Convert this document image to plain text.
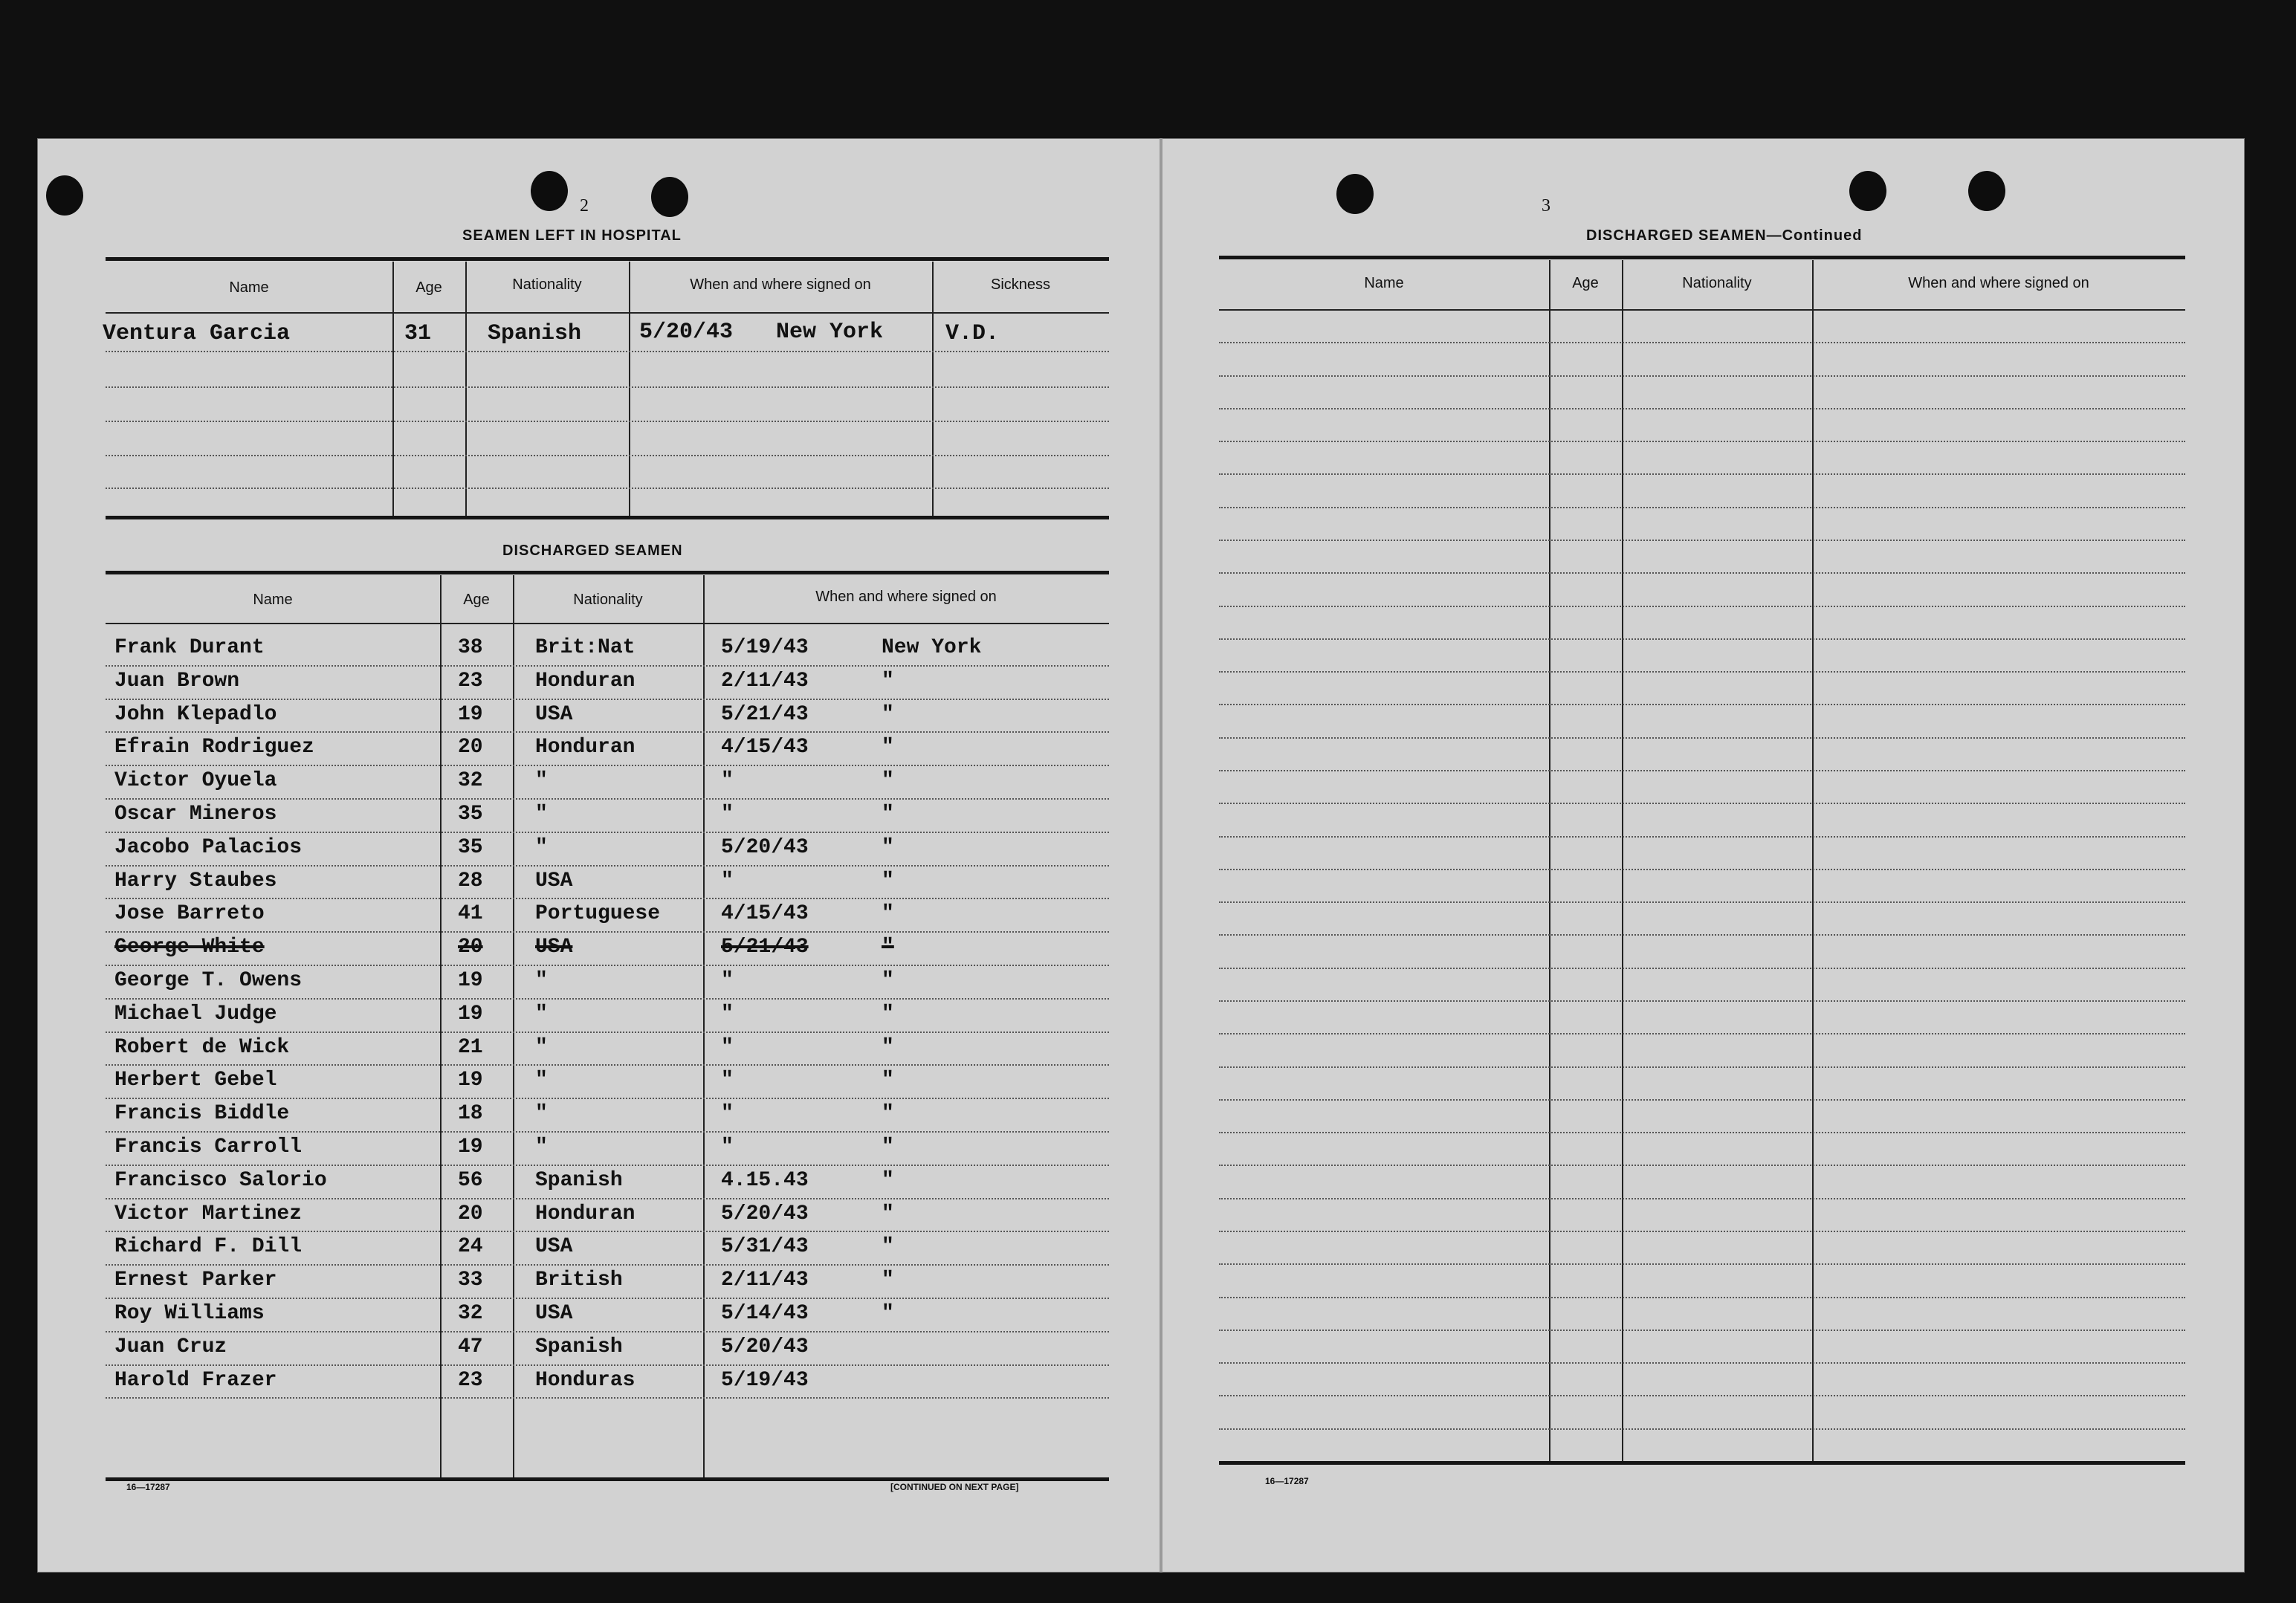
2
SEAMEN LEFT IN HOSPITAL
Name	Age	Nationality	When and where signed on	Sickness
Ventura Garcia	31	Spanish	5/20/43 New York	V.D.
DISCHARGED SEAMEN
Name	Age	Nationality	When and where signed on
Frank Durant	38	Brit:Nat	5/19/43	New York
Juan Brown	23	Honduran	2/11/43	"
John Klepadlo	19	USA	5/21/43	"
Efrain Rodriguez	20	Honduran	4/15/43	"
Victor Oyuela	32	"	"	"
Oscar Mineros	35	"	"	"
Jacobo Palacios	35	"	5/20/43	"
Harry Staubes	28	USA	"	"
Jose Barreto	41	Portuguese	4/15/43	"
George White	20	USA	5/21/43	"
George T. Owens	19	"	"	"
Michael Judge	19	"	"	"
Robert de Wick	21	"	"	"
Herbert Gebel	19	"	"	"
Francis Biddle	18	"	"	"
Francis Carroll	19	"	"	"
Francisco Salorio	56	Spanish	4.15.43	"
Victor Martinez	20	Honduran	5/20/43	"
Richard F. Dill	24	USA	5/31/43	"
Ernest Parker	33	British	2/11/43	"
Roy Williams	32	USA	5/14/43	"
Juan Cruz	47	Spanish	5/20/43
Harold Frazer	23	Honduras	5/19/43
16—17287	[CONTINUED ON NEXT PAGE]
3
DISCHARGED SEAMEN—Continued
Name	Age	Nationality	When and where signed on
16—17287
